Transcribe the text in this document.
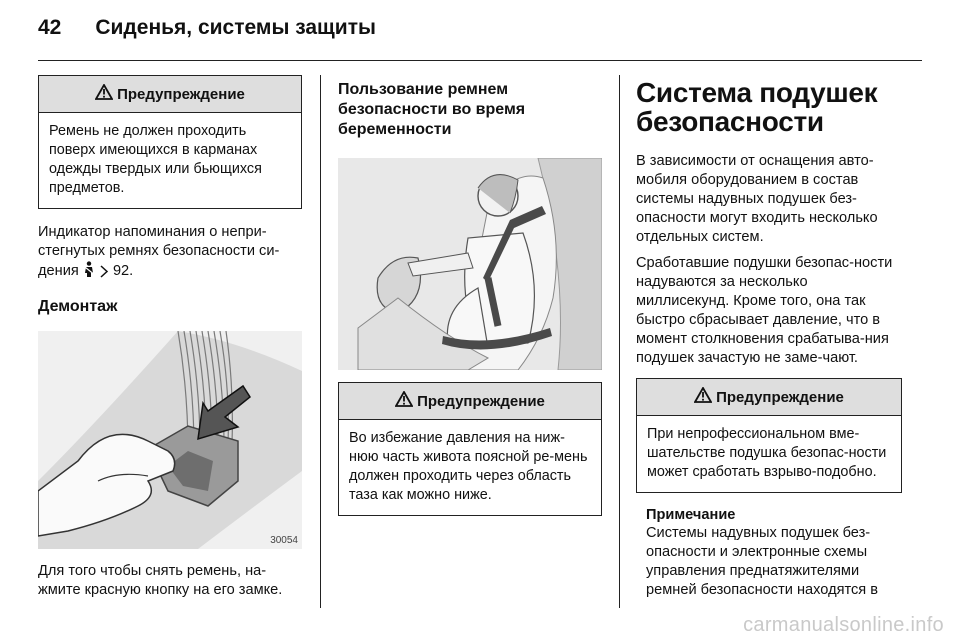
42 Сиденья, системы защиты
Предупреждение
Ремень не должен проходить поверх имеющихся в карманах одежды твердых или бьющихся предметов.

Индикатор напоминания о непри-стегнутых ремнях безопасности си-дения 92.

Демонтаж
30054

Для того чтобы снять ремень, на-жмите красную кнопку на его замке.

Пользование ремнем безопасности во время беременности
Предупреждение
Во избежание давления на ниж-нюю часть живота поясной ре-мень должен проходить через область таза как можно ниже.
Система подушек безопасности

В зависимости от оснащения авто-мобиля оборудованием в состав системы надувных подушек без-опасности могут входить несколько отдельных систем.

Сработавшие подушки безопас-ности надуваются за несколько миллисекунд. Кроме того, она так быстро сбрасывает давление, что в момент столкновения срабатыва-ния подушек зачастую не заме-чают.

Предупреждение
При непрофессиональном вме-шательстве подушка безопас-ности может сработать взрыво-подобно.
Примечание

Системы надувных подушек без-опасности и электронные схемы управления преднатяжителями ремней безопасности находятся в

carmanualsonline.info
